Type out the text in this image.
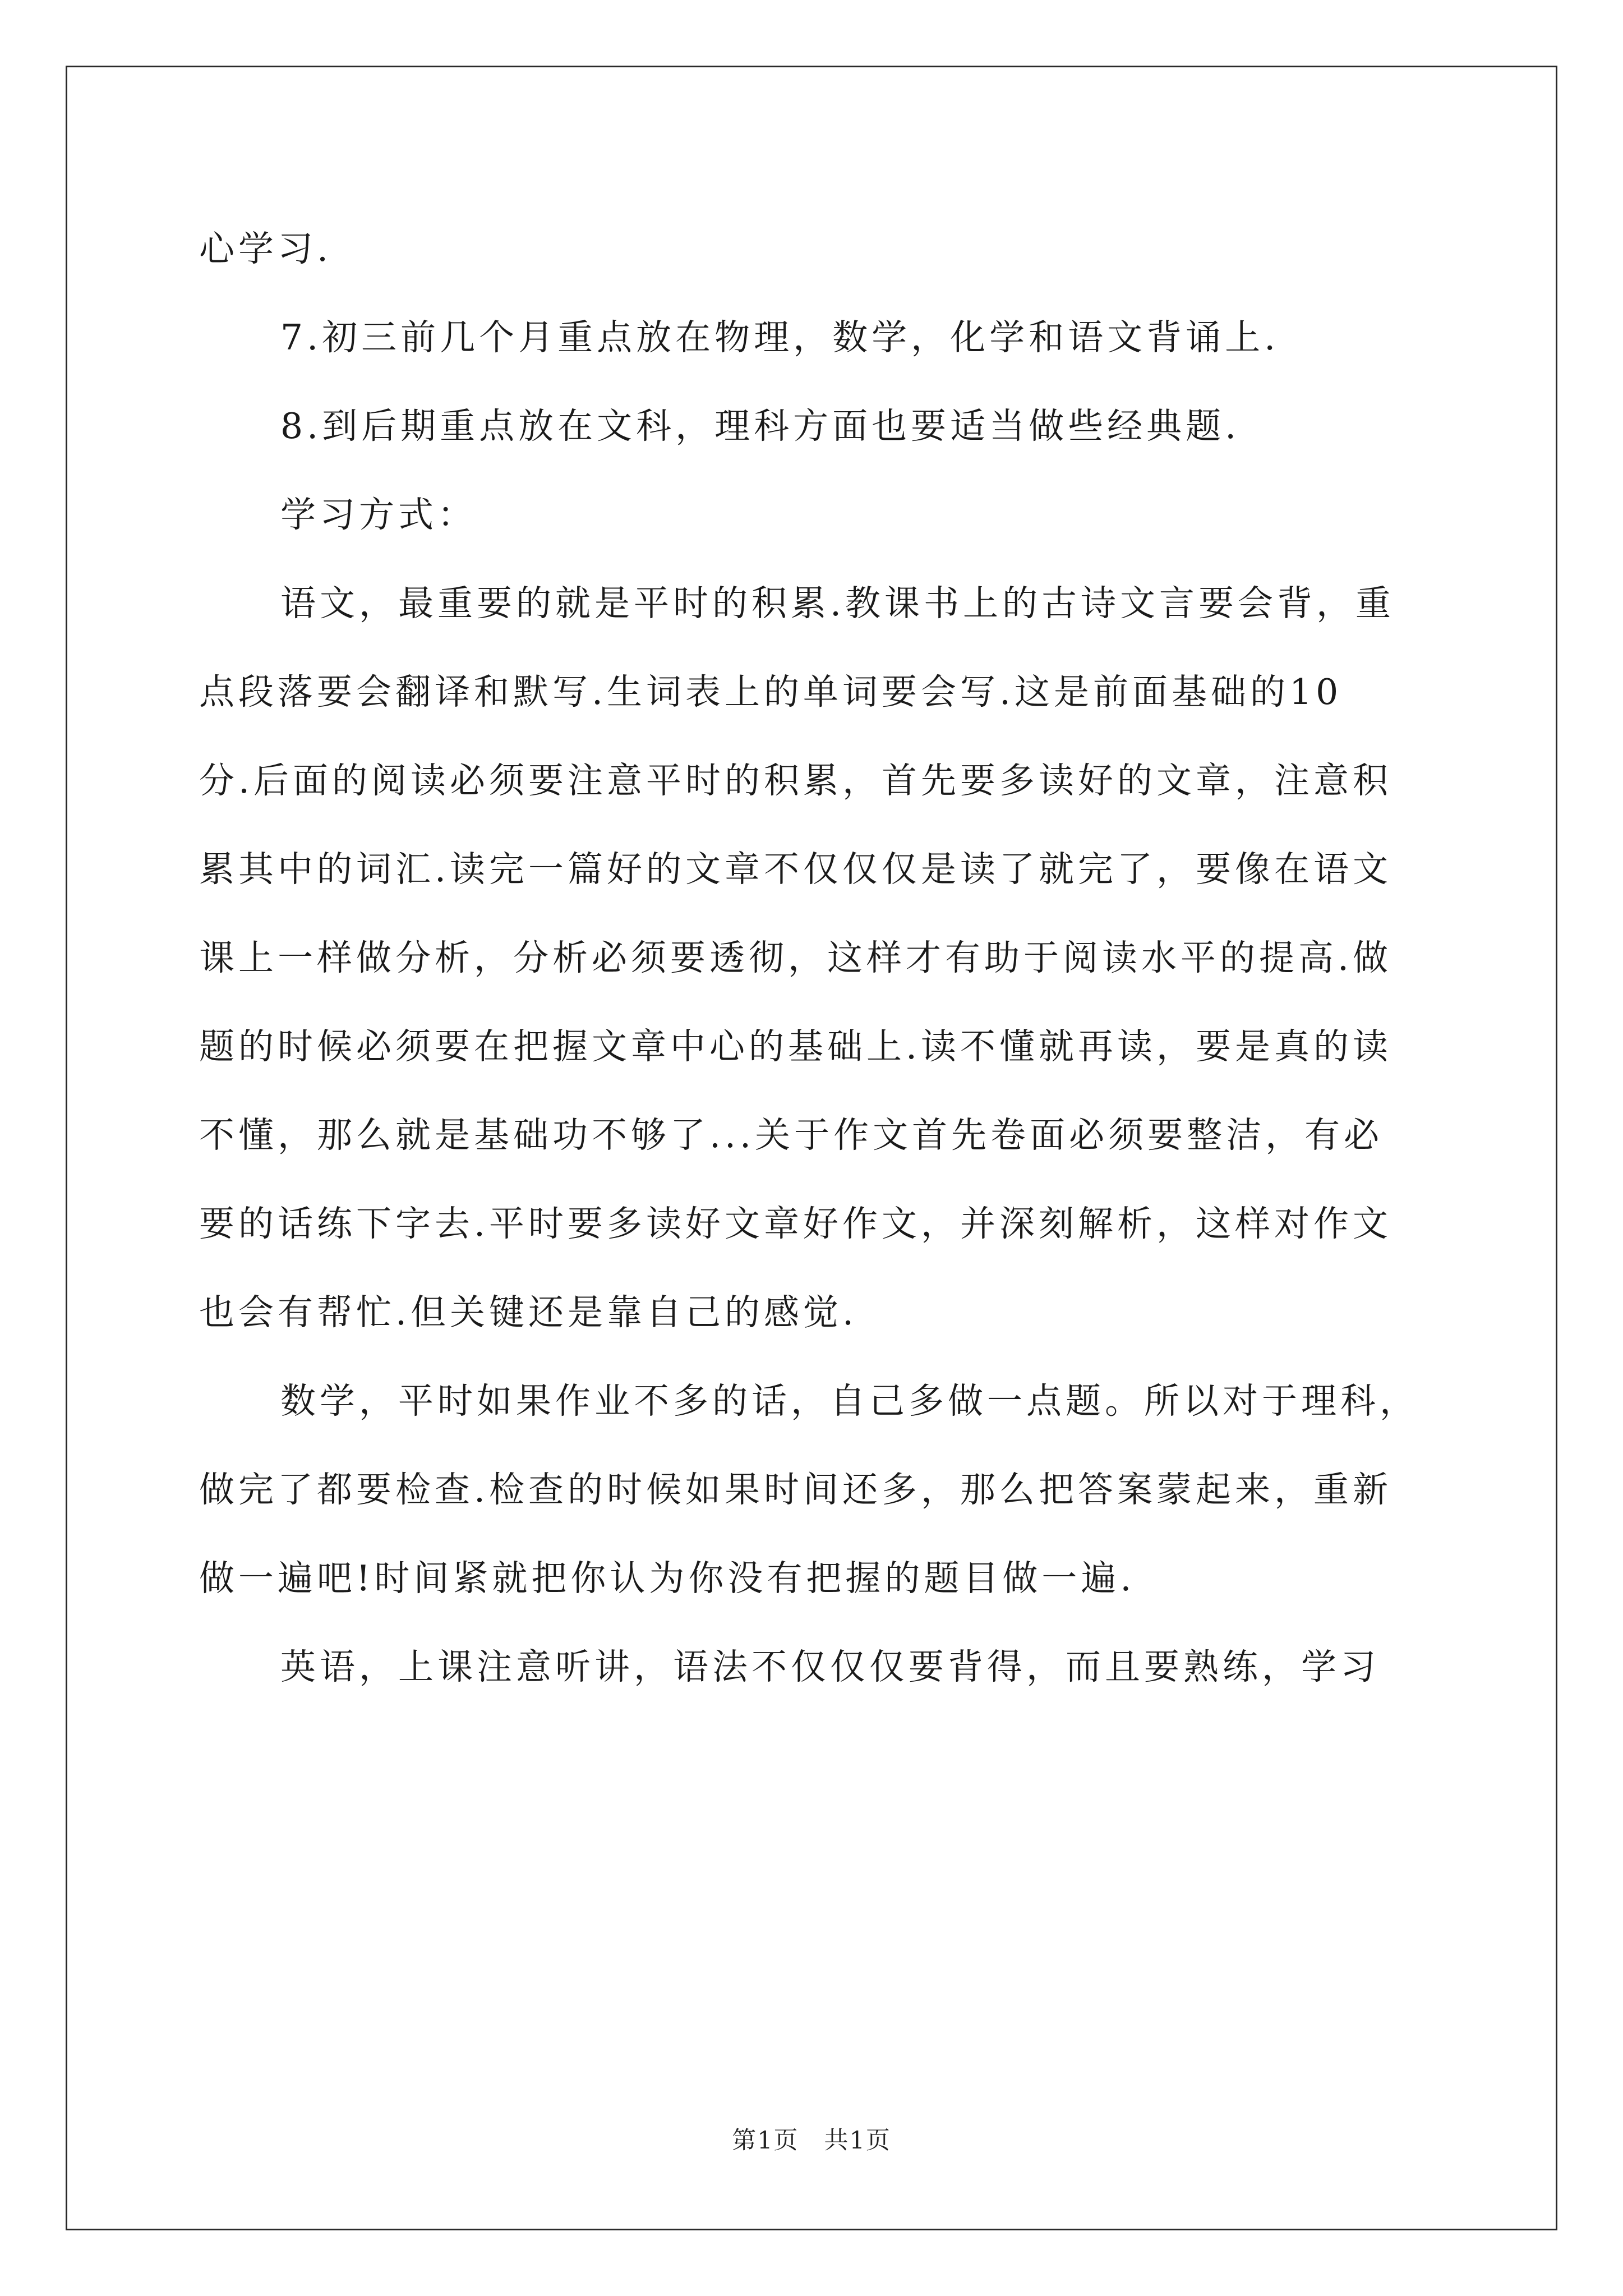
心学习.
7.初三前几个月重点放在物理，数学，化学和语文背诵上.
8.到后期重点放在文科，理科方面也要适当做些经典题.
学习方式：
语文，最重要的就是平时的积累.教课书上的古诗文言要会背，重
点段落要会翻译和默写.生词表上的单词要会写.这是前面基础的10
分.后面的阅读必须要注意平时的积累，首先要多读好的文章，注意积
累其中的词汇.读完一篇好的文章不仅仅仅是读了就完了，要像在语文
课上一样做分析，分析必须要透彻，这样才有助于阅读水平的提高.做
题的时候必须要在把握文章中心的基础上.读不懂就再读，要是真的读
不懂，那么就是基础功不够了...关于作文首先卷面必须要整洁，有必
要的话练下字去.平时要多读好文章好作文，并深刻解析，这样对作文
也会有帮忙.但关键还是靠自己的感觉.
数学，平时如果作业不多的话，自己多做一点题。所以对于理科，
做完了都要检查.检查的时候如果时间还多，那么把答案蒙起来，重新
做一遍吧!时间紧就把你认为你没有把握的题目做一遍.
英语，上课注意听讲，语法不仅仅仅要背得，而且要熟练，学习
第1页　共1页
